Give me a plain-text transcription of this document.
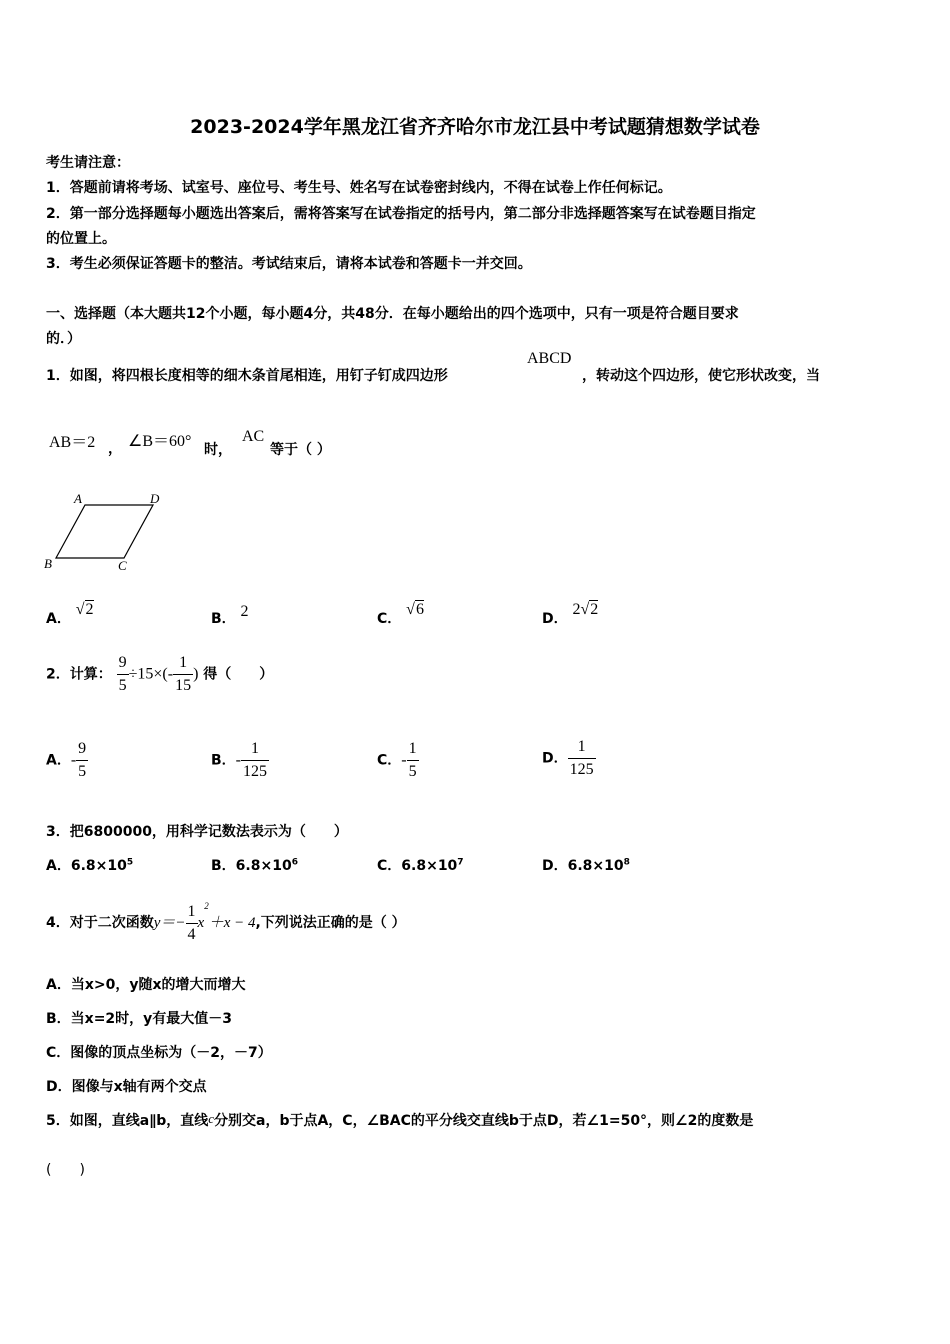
2023-2024学年黑龙江省齐齐哈尔市龙江县中考试题猜想数学试卷
考生请注意：
1．答题前请将考场、试室号、座位号、考生号、姓名写在试卷密封线内，不得在试卷上作任何标记。
2．第一部分选择题每小题选出答案后，需将答案写在试卷指定的括号内，第二部分非选择题答案写在试卷题目指定
的位置上。
3．考生必须保证答题卡的整洁。考试结束后，请将本试卷和答题卡一并交回。
一、选择题（本大题共12个小题，每小题4分，共48分．在每小题给出的四个选项中，只有一项是符合题目要求
的．）
1．如图，将四根长度相等的细木条首尾相连，用钉子钉成四边形
ABCD
，转动这个四边形，使它形状改变，当
AB＝2 ， ∠B＝60° 时，
AC
等于（ ）
A	D
B	C
A． √2
B． 2	C． √6
D． 2√2
2．计算： $\frac{9}{5} \div 15\times(- \frac{1}{15}$ ) 得（　　）
A．- $\frac{9}{5}$	B．- $\frac{1}{125}$	C．- $\frac{1}{5}$	D． $\frac{1}{125}$
3．把6800000，用科学记数法表示为（　　）
A．$6.8\times 10^5$	B．$6.8\times 10^6$	C．$6.8\times 10^7$	D．$6.8\times 10^8$
4．对于二次函数$y=- \frac{1}{4} x^2+x - 4$,下列说法正确的是（ ）
A．当x>0，y随x的增大而增大
B．当x=2时，y有最大值－3
C．图像的顶点坐标为（－2，－7）
D．图像与x轴有两个交点
5．如图，直线a∥b，直线c分别交a，b于点A，C，∠BAC的平分线交直线b于点D，若∠1=50°，则∠2的度数是
(　　)
